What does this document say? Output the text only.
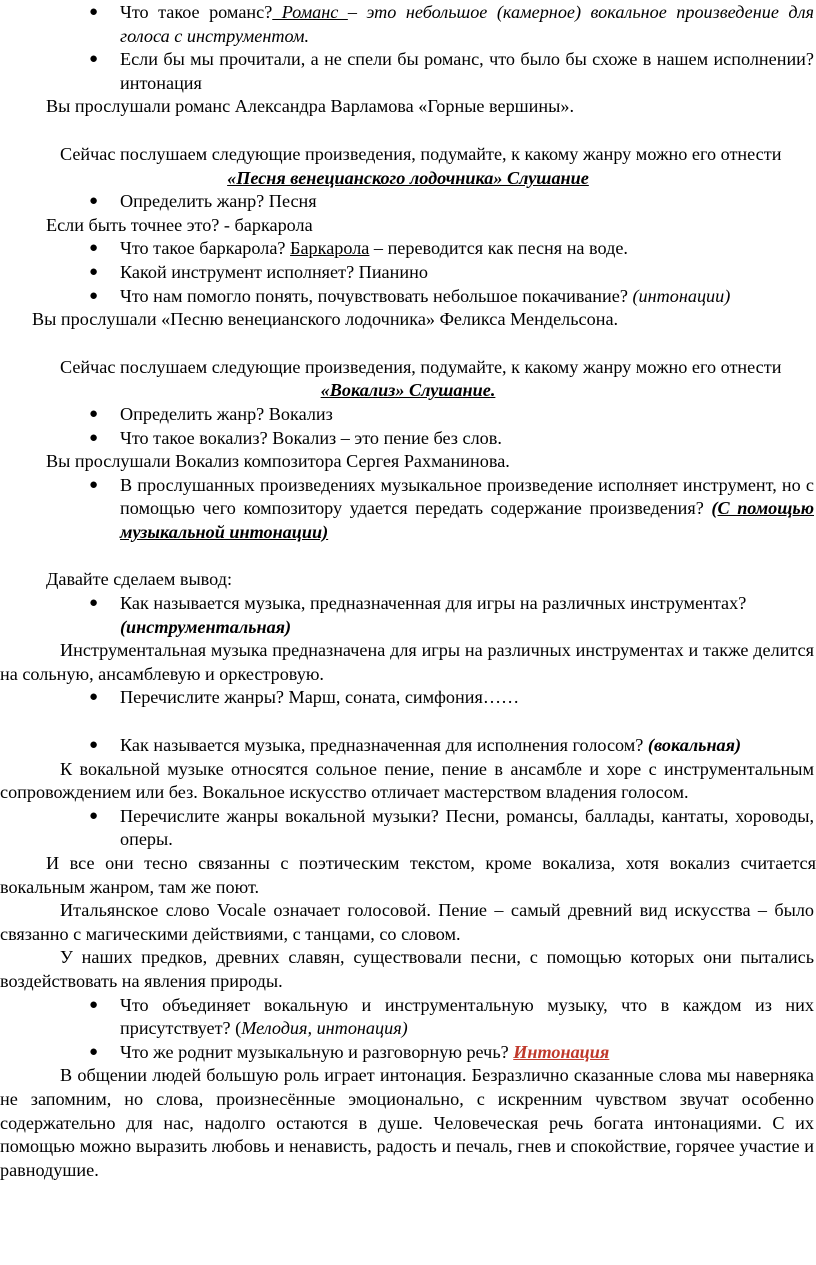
● Что такое романс? Романс – это небольшое (камерное) вокальное произведение для голоса с инструментом.
● Если бы мы прочитали, а не спели бы романс, что было бы схоже в нашем исполнении? интонация
Вы прослушали романс Александра Варламова «Горные вершины».
Сейчас послушаем следующие произведения, подумайте, к какому жанру можно его отнести
«Песня венецианского лодочника» Слушание
● Определить жанр? Песня
Если быть точнее это? - баркарола
● Что такое баркарола? Баркарола – переводится как песня на воде.
● Какой инструмент исполняет? Пианино
● Что нам помогло понять, почувствовать небольшое покачивание? (интонации)
Вы прослушали «Песню венецианского лодочника» Феликса Мендельсона.
Сейчас послушаем следующие произведения, подумайте, к какому жанру можно его отнести
«Вокализ» Слушание.
● Определить жанр? Вокализ
● Что такое вокализ? Вокализ – это пение без слов.
Вы прослушали Вокализ композитора Сергея Рахманинова.
● В прослушанных произведениях музыкальное произведение исполняет инструмент, но с помощью чего композитору удается передать содержание произведения? (С помощью музыкальной интонации)
Давайте сделаем вывод:
● Как называется музыка, предназначенная для игры на различных инструментах? (инструментальная)
Инструментальная музыка предназначена для игры на различных инструментах и также делится на сольную, ансамблевую и оркестровую.
● Перечислите жанры? Марш, соната, симфония……
● Как называется музыка, предназначенная для исполнения голосом? (вокальная)
К вокальной музыке относятся сольное пение, пение в ансамбле и хоре с инструментальным сопровождением или без. Вокальное искусство отличает мастерством владения голосом.
● Перечислите жанры вокальной музыки? Песни, романсы, баллады, кантаты, хороводы, оперы.
И все они тесно связанны с поэтическим текстом, кроме вокализа, хотя вокализ считается вокальным жанром, там же поют.
Итальянское слово Vocale означает голосовой. Пение – самый древний вид искусства – было связанно с магическими действиями, с танцами, со словом.
У наших предков, древних славян, существовали песни, с помощью которых они пытались воздействовать на явления природы.
● Что объединяет вокальную и инструментальную музыку, что в каждом из них присутствует? (Мелодия, интонация)
● Что же роднит музыкальную и разговорную речь? Интонация
В общении людей большую роль играет интонация. Безразлично сказанные слова мы наверняка не запомним, но слова, произнесённые эмоционально, с искренним чувством звучат особенно содержательно для нас, надолго остаются в душе. Человеческая речь богата интонациями. С их помощью можно выразить любовь и ненависть, радость и печаль, гнев и спокойствие, горячее участие и равнодушие.
